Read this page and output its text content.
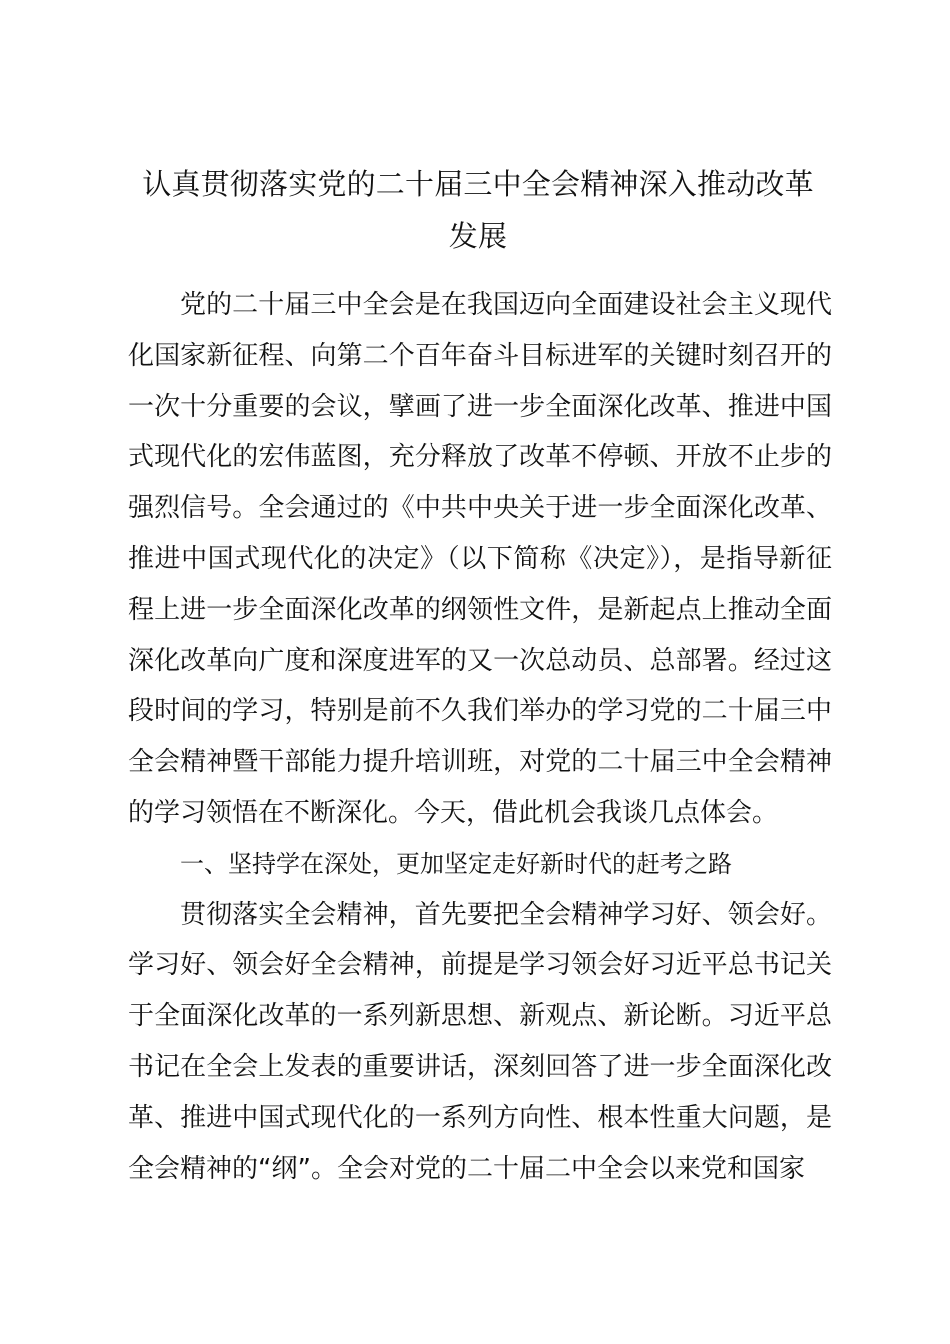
认真贯彻落实党的二十届三中全会精神深入推动改革发展

党的二十届三中全会是在我国迈向全面建设社会主义现代化国家新征程、向第二个百年奋斗目标进军的关键时刻召开的一次十分重要的会议，擘画了进一步全面深化改革、推进中国式现代化的宏伟蓝图，充分释放了改革不停顿、开放不止步的强烈信号。全会通过的《中共中央关于进一步全面深化改革、推进中国式现代化的决定》（以下简称《决定》），是指导新征程上进一步全面深化改革的纲领性文件，是新起点上推动全面深化改革向广度和深度进军的又一次总动员、总部署。经过这段时间的学习，特别是前不久我们举办的学习党的二十届三中全会精神暨干部能力提升培训班，对党的二十届三中全会精神的学习领悟在不断深化。今天，借此机会我谈几点体会。

一、坚持学在深处，更加坚定走好新时代的赶考之路

贯彻落实全会精神，首先要把全会精神学习好、领会好。学习好、领会好全会精神，前提是学习领会好习近平总书记关于全面深化改革的一系列新思想、新观点、新论断。习近平总书记在全会上发表的重要讲话，深刻回答了进一步全面深化改革、推进中国式现代化的一系列方向性、根本性重大问题，是全会精神的“纲”。全会对党的二十届二中全会以来党和国家
